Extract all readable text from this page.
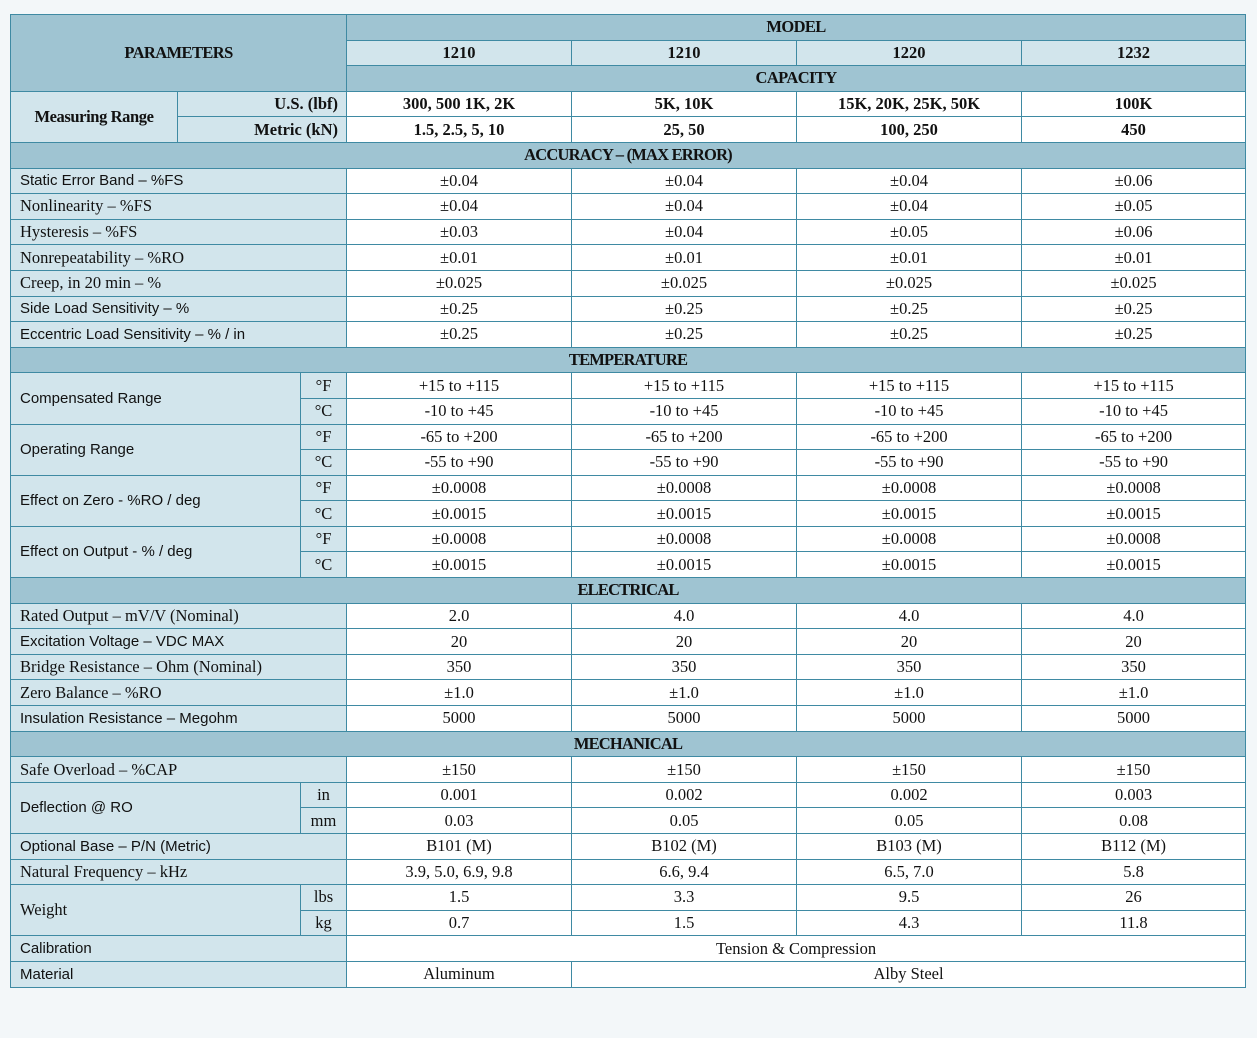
PARAMETERS			MODEL			
			1210	1210	1220	1232
			CAPACITY			
Measuring Range	U.S. (lbf)		300, 500 1K, 2K	5K, 10K	15K, 20K, 25K, 50K	100K
	Metric (kN)		1.5, 2.5, 5, 10	25, 50	100, 250	450
ACCURACY – (MAX ERROR)						
Static Error Band – %FS			±0.04	±0.04	±0.04	±0.06
Nonlinearity – %FS			±0.04	±0.04	±0.04	±0.05
Hysteresis – %FS			±0.03	±0.04	±0.05	±0.06
Nonrepeatability – %RO			±0.01	±0.01	±0.01	±0.01
Creep, in 20 min – %			±0.025	±0.025	±0.025	±0.025
Side Load Sensitivity – %			±0.25	±0.25	±0.25	±0.25
Eccentric Load Sensitivity – % / in			±0.25	±0.25	±0.25	±0.25
TEMPERATURE						
Compensated Range		°F	+15 to +115	+15 to +115	+15 to +115	+15 to +115
		°C	-10 to +45	-10 to +45	-10 to +45	-10 to +45
Operating Range		°F	-65 to +200	-65 to +200	-65 to +200	-65 to +200
		°C	-55 to +90	-55 to +90	-55 to +90	-55 to +90
Effect on Zero - %RO / deg		°F	±0.0008	±0.0008	±0.0008	±0.0008
		°C	±0.0015	±0.0015	±0.0015	±0.0015
Effect on Output - % / deg		°F	±0.0008	±0.0008	±0.0008	±0.0008
		°C	±0.0015	±0.0015	±0.0015	±0.0015
ELECTRICAL						
Rated Output – mV/V (Nominal)			2.0	4.0	4.0	4.0
Excitation Voltage – VDC MAX			20	20	20	20
Bridge Resistance – Ohm (Nominal)			350	350	350	350
Zero Balance – %RO			±1.0	±1.0	±1.0	±1.0
Insulation Resistance – Megohm			5000	5000	5000	5000
MECHANICAL						
Safe Overload – %CAP			±150	±150	±150	±150
Deflection @ RO		in	0.001	0.002	0.002	0.003
		mm	0.03	0.05	0.05	0.08
Optional Base – P/N (Metric)			B101 (M)	B102 (M)	B103 (M)	B112 (M)
Natural Frequency – kHz			3.9, 5.0, 6.9, 9.8	6.6, 9.4	6.5, 7.0	5.8
Weight		lbs	1.5	3.3	9.5	26
		kg	0.7	1.5	4.3	11.8
Calibration			Tension & Compression			
Material			Aluminum	Alby Steel		
